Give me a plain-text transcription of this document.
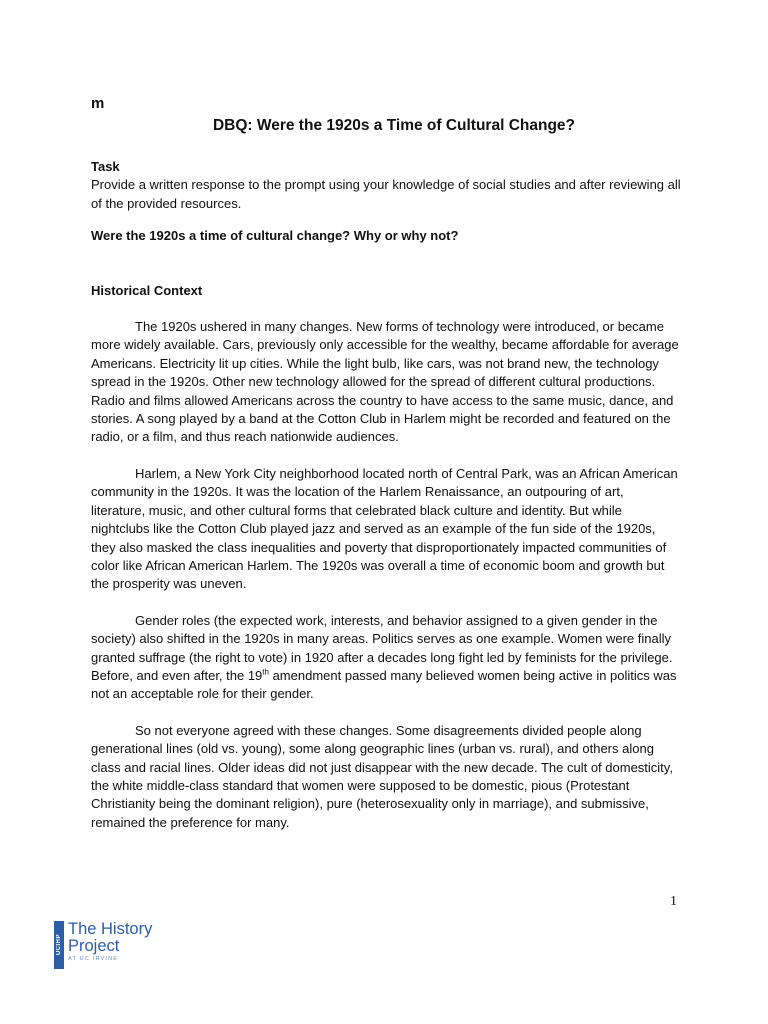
m
DBQ: Were the 1920s a Time of Cultural Change?

Task

Provide a written response to the prompt using your knowledge of social studies and after reviewing all of the provided resources.

Were the 1920s a time of cultural change? Why or why not?

Historical Context

The 1920s ushered in many changes. New forms of technology were introduced, or became more widely available. Cars, previously only accessible for the wealthy, became affordable for average Americans. Electricity lit up cities. While the light bulb, like cars, was not brand new, the technology spread in the 1920s. Other new technology allowed for the spread of different cultural productions. Radio and films allowed Americans across the country to have access to the same music, dance, and stories. A song played by a band at the Cotton Club in Harlem might be recorded and featured on the radio, or a film, and thus reach nationwide audiences.

Harlem, a New York City neighborhood located north of Central Park, was an African American community in the 1920s. It was the location of the Harlem Renaissance, an outpouring of art, literature, music, and other cultural forms that celebrated black culture and identity. But while nightclubs like the Cotton Club played jazz and served as an example of the fun side of the 1920s, they also masked the class inequalities and poverty that disproportionately impacted communities of color like African American Harlem. The 1920s was overall a time of economic boom and growth but the prosperity was uneven.

Gender roles (the expected work, interests, and behavior assigned to a given gender in the society) also shifted in the 1920s in many areas. Politics serves as one example. Women were finally granted suffrage (the right to vote) in 1920 after a decades long fight led by feminists for the privilege. Before, and even after, the 19th amendment passed many believed women being active in politics was not an acceptable role for their gender.

So not everyone agreed with these changes. Some disagreements divided people along generational lines (old vs. young), some along geographic lines (urban vs. rural), and others along class and racial lines. Older ideas did not just disappear with the new decade. The cult of domesticity, the white middle-class standard that women were supposed to be domestic, pious (Protestant Christianity being the dominant religion), pure (heterosexuality only in marriage), and submissive, remained the preference for many.

1
UCIHP
The History
Project
AT UC IRVINE
